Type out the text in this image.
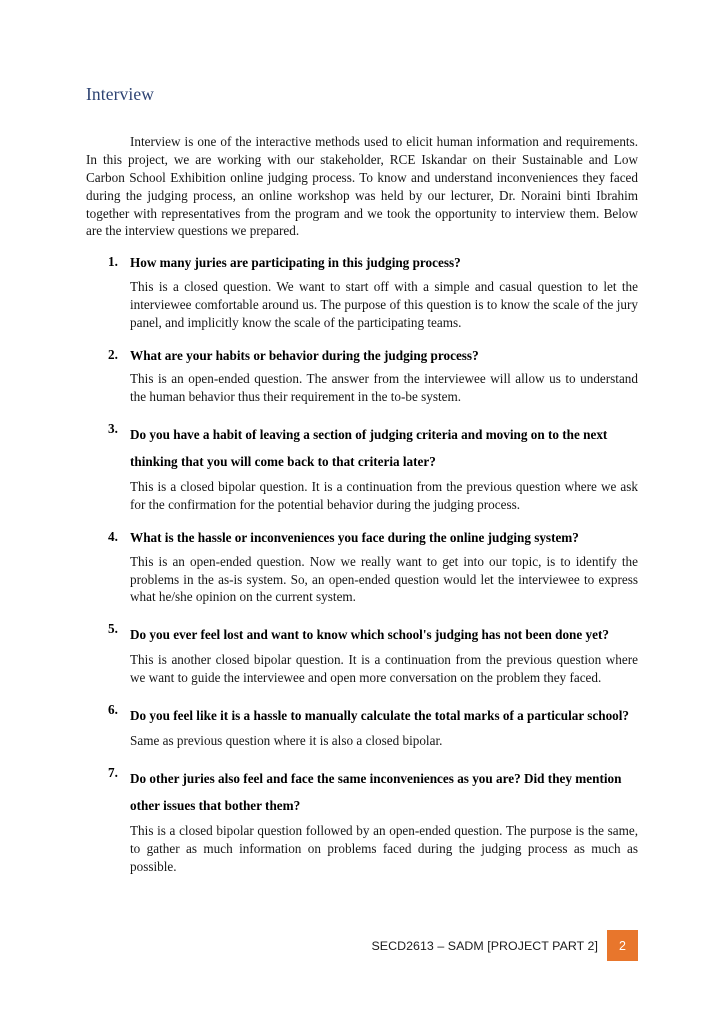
Interview

Interview is one of the interactive methods used to elicit human information and requirements. In this project, we are working with our stakeholder, RCE Iskandar on their Sustainable and Low Carbon School Exhibition online judging process. To know and understand inconveniences they faced during the judging process, an online workshop was held by our lecturer, Dr. Noraini binti Ibrahim together with representatives from the program and we took the opportunity to interview them. Below are the interview questions we prepared.

1. How many juries are participating in this judging process?

This is a closed question. We want to start off with a simple and casual question to let the interviewee comfortable around us. The purpose of this question is to know the scale of the jury panel, and implicitly know the scale of the participating teams.

2. What are your habits or behavior during the judging process?

This is an open-ended question. The answer from the interviewee will allow us to understand the human behavior thus their requirement in the to-be system.

3. Do you have a habit of leaving a section of judging criteria and moving on to the next thinking that you will come back to that criteria later?

This is a closed bipolar question. It is a continuation from the previous question where we ask for the confirmation for the potential behavior during the judging process.

4. What is the hassle or inconveniences you face during the online judging system?

This is an open-ended question. Now we really want to get into our topic, is to identify the problems in the as-is system. So, an open-ended question would let the interviewee to express what he/she opinion on the current system.

5. Do you ever feel lost and want to know which school's judging has not been done yet?

This is another closed bipolar question. It is a continuation from the previous question where we want to guide the interviewee and open more conversation on the problem they faced.

6. Do you feel like it is a hassle to manually calculate the total marks of a particular school?

Same as previous question where it is also a closed bipolar.

7. Do other juries also feel and face the same inconveniences as you are? Did they mention other issues that bother them?

This is a closed bipolar question followed by an open-ended question. The purpose is the same, to gather as much information on problems faced during the judging process as much as possible.

SECD2613 – SADM [PROJECT PART 2]	2
